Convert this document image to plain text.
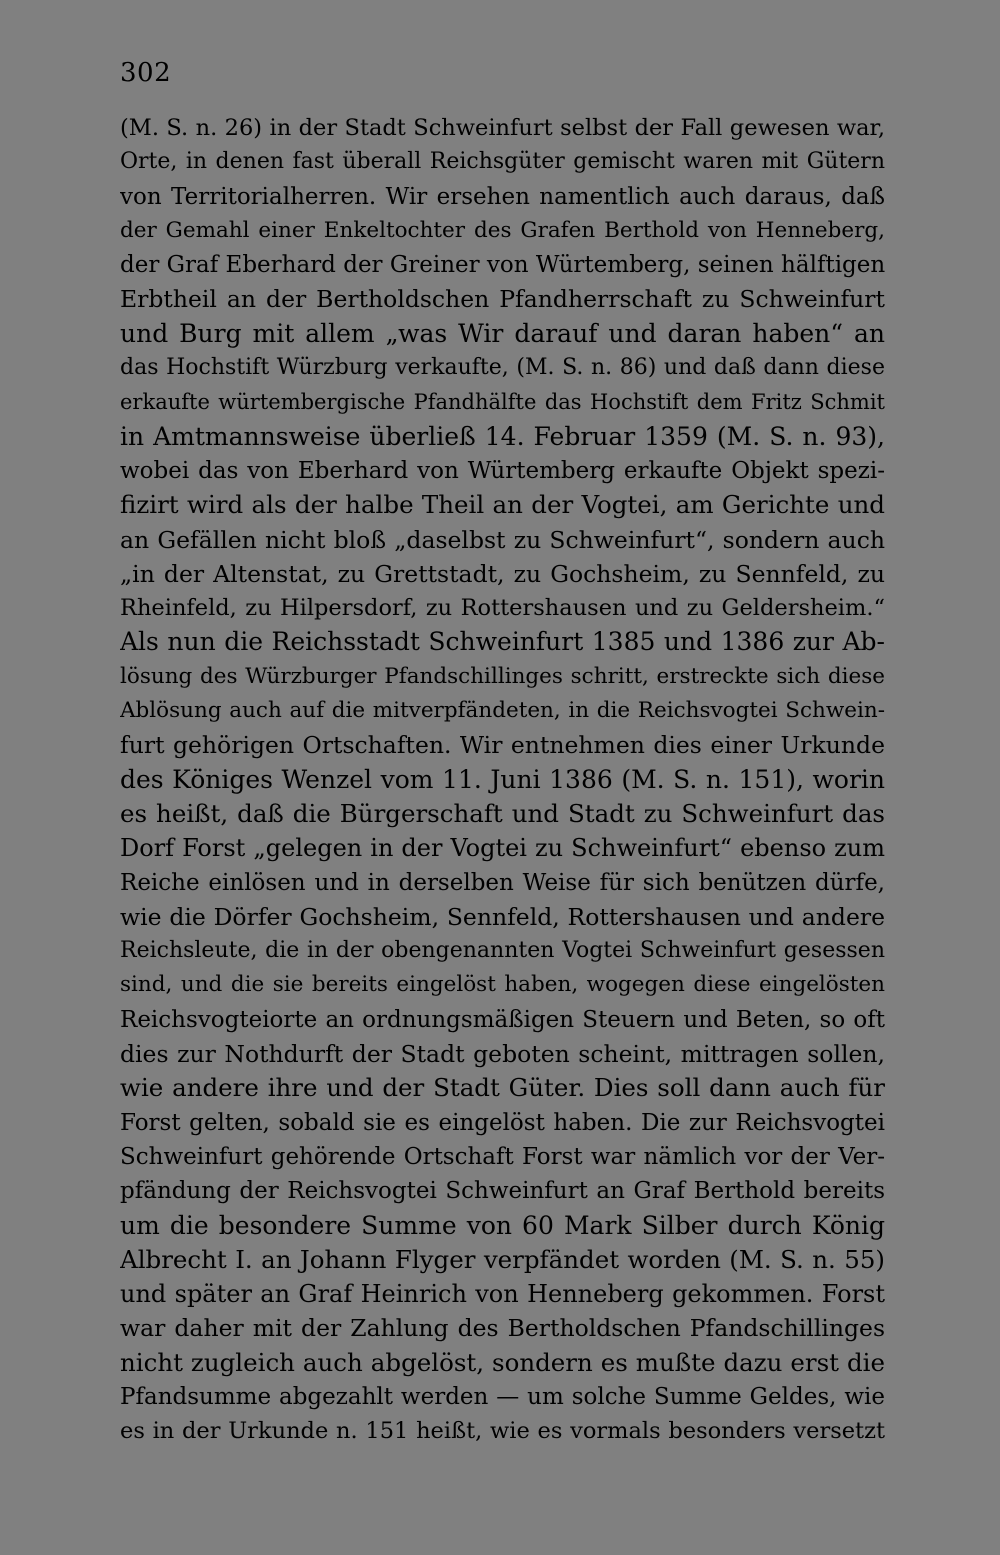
302
(M. S. n. 26) in der Stadt Schweinfurt selbst der Fall gewesen war,
Orte, in denen fast überall Reichsgüter gemischt waren mit Gütern
von Territorialherren. Wir ersehen namentlich auch daraus, daß
der Gemahl einer Enkeltochter des Grafen Berthold von Henneberg,
der Graf Eberhard der Greiner von Würtemberg, seinen hälftigen
Erbtheil an der Bertholdschen Pfandherrschaft zu Schweinfurt
und Burg mit allem „was Wir darauf und daran haben“ an
das Hochstift Würzburg verkaufte, (M. S. n. 86) und daß dann diese
erkaufte würtembergische Pfandhälfte das Hochstift dem Fritz Schmit
in Amtmannsweise überließ 14. Februar 1359 (M. S. n. 93),
wobei das von Eberhard von Würtemberg erkaufte Objekt spezi-
fizirt wird als der halbe Theil an der Vogtei, am Gerichte und
an Gefällen nicht bloß „daselbst zu Schweinfurt“, sondern auch
„in der Altenstat, zu Grettstadt, zu Gochsheim, zu Sennfeld, zu
Rheinfeld, zu Hilpersdorf, zu Rottershausen und zu Geldersheim.“
Als nun die Reichsstadt Schweinfurt 1385 und 1386 zur Ab-
lösung des Würzburger Pfandschillinges schritt, erstreckte sich diese
Ablösung auch auf die mitverpfändeten, in die Reichsvogtei Schwein-
furt gehörigen Ortschaften. Wir entnehmen dies einer Urkunde
des Königes Wenzel vom 11. Juni 1386 (M. S. n. 151), worin
es heißt, daß die Bürgerschaft und Stadt zu Schweinfurt das
Dorf Forst „gelegen in der Vogtei zu Schweinfurt“ ebenso zum
Reiche einlösen und in derselben Weise für sich benützen dürfe,
wie die Dörfer Gochsheim, Sennfeld, Rottershausen und andere
Reichsleute, die in der obengenannten Vogtei Schweinfurt gesessen
sind, und die sie bereits eingelöst haben, wogegen diese eingelösten
Reichsvogteiorte an ordnungsmäßigen Steuern und Beten, so oft
dies zur Nothdurft der Stadt geboten scheint, mittragen sollen,
wie andere ihre und der Stadt Güter. Dies soll dann auch für
Forst gelten, sobald sie es eingelöst haben. Die zur Reichsvogtei
Schweinfurt gehörende Ortschaft Forst war nämlich vor der Ver-
pfändung der Reichsvogtei Schweinfurt an Graf Berthold bereits
um die besondere Summe von 60 Mark Silber durch König
Albrecht I. an Johann Flyger verpfändet worden (M. S. n. 55)
und später an Graf Heinrich von Henneberg gekommen. Forst
war daher mit der Zahlung des Bertholdschen Pfandschillinges
nicht zugleich auch abgelöst, sondern es mußte dazu erst die
Pfandsumme abgezahlt werden — um solche Summe Geldes, wie
es in der Urkunde n. 151 heißt, wie es vormals besonders versetzt
